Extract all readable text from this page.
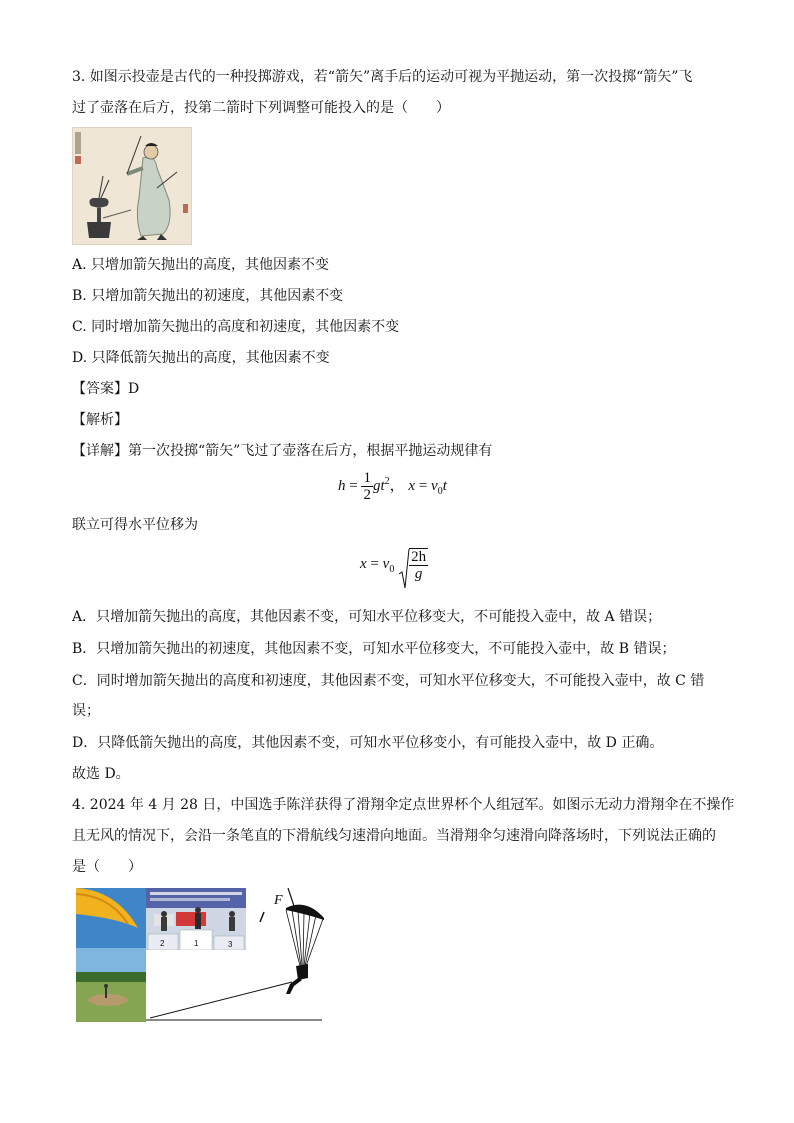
3. 如图示投壶是古代的一种投掷游戏，若“箭矢”离手后的运动可视为平抛运动，第一次投掷“箭矢”飞
过了壶落在后方，投第二箭时下列调整可能投入的是（　　）
A. 只增加箭矢抛出的高度，其他因素不变
B. 只增加箭矢抛出的初速度，其他因素不变
C. 同时增加箭矢抛出的高度和初速度，其他因素不变
D. 只降低箭矢抛出的高度，其他因素不变
【答案】D
【解析】
【详解】第一次投掷“箭矢”飞过了壶落在后方，根据平抛运动规律有
$h = \frac{1}{2} gt^2$， $x = v_0t$
联立可得水平位移为
$x = v_0 \frac{2h}{g}$
A．只增加箭矢抛出的高度，其他因素不变，可知水平位移变大，不可能投入壶中，故 A 错误；
B．只增加箭矢抛出的初速度，其他因素不变，可知水平位移变大，不可能投入壶中，故 B 错误；
C．同时增加箭矢抛出的高度和初速度，其他因素不变，可知水平位移变大，不可能投入壶中，故 C 错
误；
D．只降低箭矢抛出的高度，其他因素不变，可知水平位移变小，有可能投入壶中，故 D 正确。
故选 D。
4. 2024 年 4 月 28 日，中国选手陈洋获得了滑翔伞定点世界杯个人组冠军。如图示无动力滑翔伞在不操作
且无风的情况下，会沿一条笔直的下滑航线匀速滑向地面。当滑翔伞匀速滑向降落场时，下列说法正确的
是（　　）
2	1	3
F
